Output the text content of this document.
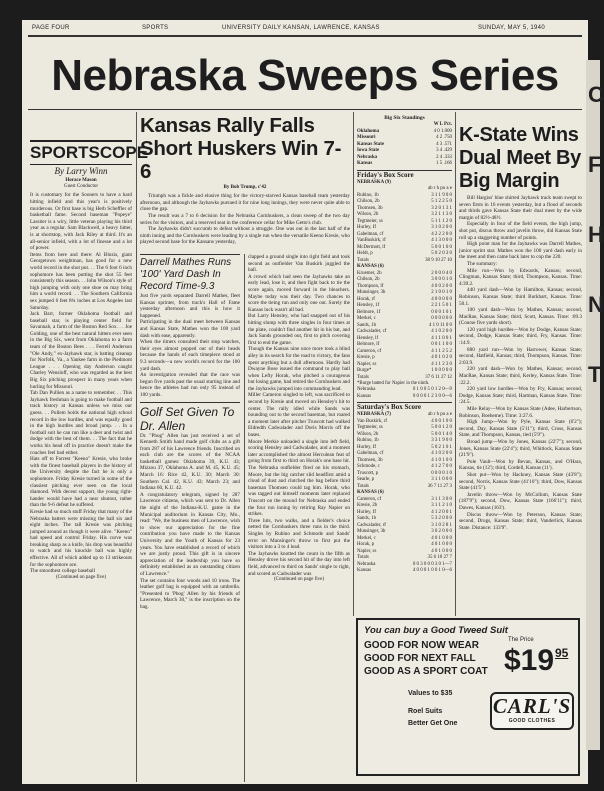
PAGE FOUR	SPORTS	UNIVERSITY DAILY KANSAN, LAWRENCE, KANSAS	SUNDAY, MAY 5, 1940
Nebraska Sweeps Series
SPORTSCOPE
By Larry Winn
Horace Mason
Guest Conductor

It is customary for the Sooners to have a hard hitting infield and this year's is positively murderous. Or first base is big Herb Scheffler of basketball fame. Second baseman "Popeye" Lassiter is a wiry, little veteran playing his third year as a regular. Sam Blackwell, a heavy hitter, is at shortstop, with Jack Riley at third. It's an all-senior infield, with a lot of finesse and a lot of power.

Items from here and there: Al Blozis, giant Georgetown weightman, has good for a new world record in the shot put. . . The 6 foot 6 inch sophomore has been putting the shot 55 feet consistently this season. . . John Wilson's style of high jumping with only one shoe on may bring him a world record. . . The Southern California sex jumped 6 feet 8¾ inches at Los Angeles last Saturday.

Jack Barr, former Oklahoma football and baseball star, is playing center field for Savannah, a farm of the Boston Red Sox. . . Joe Golding, one of the best natural hitters ever seen in the Big Six, went from Oklahoma to a farm team of the Boston Bees . . . Ferrell Anderson "Ole Andy," ex-Jayhawk star, is batting cleanup for Norfolk, Va., a Yankee farm in the Piedmont League . . . Opening day Anderson caught Charley Wensloff, who was regarded as the best Big Six pitching prospect in many years when hurling for Missouri.

Tab Dan Pullien as a name to remember. . . This Jayhawk freshman is going to make football and track history at Kansas unless we miss our guess. . . Pullem holds the national high school record in the low hurdles, and was equally good in the high hurdles and broad jump. . . In a football suit he can run like a deer and twist and dodge with the best of them. . . The fact that he works his head off in practice doesn't make the coaches feel bad either.

Hats off to Forrest "Keeno" Kresie, who broke with the finest baseball players in the history of the University despite the fact he is only a sophomore. Friday Kresie turned in some of the classiest pitching ever seen on the local diamond. With decent support, the young right-hander would have had a near shutout, rather than the 9-6 defeat he suffered.

Kresie had so much stuff Friday that many of the Nebraska batters were missing the ball six and eight inches. The tall Kresie was pitching jumped around as though it were alive. "Keeno" had speed and control Friday. His curve was breaking sharp as a knife, his drop was beautiful to watch and his knuckle ball was highly effective. All of which added up to 13 strikeouts for the sophomore ace.

The smoothest college baseball

(Continued on page five)
Kansas Rally Falls Short Huskers Win 7-6
By Bob Trump, c'42

Triumph was a fickle and elusive thing for the victory-starved Kansas baseball team yesterday afternoon, and although the Jayhawks pursued it for nine long innings, they were never quite able to close the gap.

The result was a 7 to 6 decision for the Nebraska Cornhuskers, a clean sweep of the two day series for the visitors, and a reserved seat in the conference cellar for Mike Getto's club.

The Jayhawks didn't succumb to defeat without a struggle. One was out in the last half of the ninth inning and the Cornhuskers were leading by a single run when the versatile Keeno Kresie, who played second base for the Kansans yesterday,

Darrell Mathes Runs '100' Yard Dash In Record Time-9.3

Just five yards separated Darrell Mathes, fleet Kansas sprinter, from track's Hall of Fame yesterday afternoon and this is how it happened.

Participating in the dual meet between Kansas and Kansas State, Mathes won the 100 yard dash with ease, apparently.

When the timers consulted their stop watches, their eyes almost popped out of their heads because the hands of each timepiece stood at 9.3 seconds—a new world's record for the 100 yard dash.

An investigation revealed that the race was begun five yards past the usual starting line and hence the athletes had run only 95 instead of 100 yards.

Golf Set Given To Dr. Allen

Dr. "Phog" Allen has just received a set of Kenneth Smith hand made golf clubs as a gift from 287 of his Lawrence friends. Inscribed on each club are the scores of the NCAA basketball games: Oklahoma 39, K.U. 43; Mizzou 37, Oklahoma A. and M. 45, K.U. 45; March 16: Rice 42, K.U. 30; March 30: Southern Cal. 42, K.U. 43; March 23; and Indiana 60, K.U. 42.

A congratulatory telegram, signed by 287 Lawrence citizens, which was sent to Dr. Allen the night of the Indiana-K.U. game in the Municipal auditorium in Kansas City, Mo., read: "We, the business men of Lawrence, wish to show our appreciation for the fine contribution you have made to the Kansas University and the Youth of Kansas for 23 years. You have established a record of which we are justly proud. This gift is in sincere appreciation of the leadership you have so definitely established as an outstanding citizen of Lawrence."

The set contains four woods and 10 irons. The leather golf bag is equipped with an umbrella. "Presented to 'Phog' Allen by his friends of Lawrence, March 30," is the inscription on the bag.

clapped a ground single into right field and took second as outfielder Van Buskirk juggled the ball.

A crowd which had seen the Jayhawks take an early lead, lose it, and then fight back to tie the score again, moved forward in the bleachers. Maybe today was their day. Two chances to score the tieing run and only one out. Surely the Kansas luck wasn't all bad.

But Larry Hensley, who had snapped out of his hitting slump with three singles in four times at the plate, couldn't find another hit in his bat, and Jack Sands grounded out, first to pitch covering first to end the game.

Though the Kansas nine once more took a blind alley in its search for the road to victory, the fans spent anything but a dull afternoon. Hardly had Dwayne Bose issued the command to play ball when Lefty Horak, who pitched a courageous but losing game, had retired the Cornhuskers and the Jayhawks jumped into commanding lead.

Miller Cameron singled to left, was sacrificed to second by Kresie and moved on Hensley's hit to center. The rally idled while Sands was bounding out to the second baseman, but roared a moment later after pitcher Truscott had walked Eldredth Cadwalader and Doris Morris off the bases.

Moore Merkie unloaded a single into left field, scoring Hensley and Cadwalader, and a moment later accomplished the almost Herculean feat of going from first to third on Horak's one base hit. The Nebraska outfielder fired on his stomach, Moore, but the big catcher slid headfirst amid a cloud of dust and clutched the bag before third baseman Thomsen could tag him. Horak, who was tagged out himself moments later replaced Truscott on the mound for Nebraska and ended the four run inning by retiring Ray Napier on strikes.

Three hits, two walks, and a fielder's choice netted the Cornhuskers three runs in the third. Singles by Rubino and Schmode and Sands' error on Mansinger's throw to first put the visitors into a 3 to 4 lead.

The Jayhawks knotted the count in the fifth as Hensley drove his second hit of the day into left field, advanced to third on Sands' single to right, and scored as Cadwalader was

(Continued on page five)
Big Six Standings
W L Pct.
Oklahoma	4 0 1.000
Missouri	4 2 .750
Kansas State	4 3 .571
Iowa State	3 4 .429
Nebraska	2 4 .333
Kansas	1 5 .166
Friday's Box Score
NEBRASKA (9)
ab r h po a e
Rubino, 1b	3 1 1 9 0 0
Chilson, 2b	5 1 2 2 5 0
Thomsen, 3b	3 2 0 1 3 1
Wilson, 2b	3 2 1 1 3 0
Tegtmeier, ss	5 1 1 1 2 0
Hurley, If	3 1 0 2 0 0
Gabelman, cf	4 2 2 2 0 0
VanBuskirk, rf	4 1 3 0 0 0
McDermott, lf	5 0 0 1 0 0
Heldt, p	5 0 2 0 3 0
Totals	38 9 10 27 10
KANSAS (6)
Kruemer, 2b	2 0 0 0 4 0
Chilson, 2b	3 0 0 0 1 0
Thompson, lf	4 0 0 2 0 0
Munsinger, 3b	2 1 0 0 1 0
Horak, rf	4 0 0 0 0 0
Hensley, 1f	2 2 1 5 0 1
Belmore, 1f	0 0 0 1 0 1
Merkel, c	0 0 0 0 0 0
Sands, 1b	4 1 0 11 0 0
Cadwalader, cf	4 1 0 2 0 0
Hensley, lf	4 1 1 0 0 1
Belmore, lf	0 0 1 1 0 0
Cameron, cf	4 1 1 2 5 2
Kresie, p	4 0 1 0 2 0
Napier, ss	4 1 1 2 3 0
Burge*	1 0 0 0 0 0
Totals	37 6 11 27 12
*Burge batted for Napier in the ninth.
Nebraska	0 1 0 0 5 0 1 2 0—9
Kansas	0 0 0 0 1 2 3 0 0—6
Saturday's Box Score
NEBRASKA (7)	ab r h po a e
Van Buskirk, rf	4 0 0 1 0 0
Tegtmeier, ss	5 0 0 1 2 0
Wilson, 2b	5 0 0 1 4 0
Rubino, 1b	3 3 1 9 0 0
Hurley, If	5 0 2 1 0 1
Gabelman, cf	4 1 0 2 0 0
Thomsen, 3b	4 1 0 1 0 0
Schmode, c	4 1 2 7 0 0
Truscott, p	0 0 0 0 1 0
Searle, p	3 1 1 0 0 0
Totals	36 7 11 27 3
KANSAS (6)
Cameron, cf	3 1 1 3 0 0
Kresie, 2b	3 1 1 2 1 0
Hurley, If	4 1 2 0 0 1
Sands, 1b	5 3 2 0 0 0
Cadwalader, rf	3 1 0 2 8 1
Munsinger, 3b	3 0 2 0 0 0
Merkel, c	4 0 1 0 0 0
Horak, p	4 0 1 0 0 0
Napier, ss	4 0 1 0 0 0
Totals	35 6 10 27 7
Nebraska	0 0 3 0 0 0 3 0 1—7
Kansas	4 0 0 0 1 0 0 1 0—6
K-State Wins Dual Meet By Big Margin

Bill Hargiss' blue shirted Jayhawk track team swept to seven firsts in 16 events yesterday, but a flood of seconds and thirds gave Kansas State their dual meet by the wide margin of 82½-48½.

Especially in four of the field events, the high jump, shot put, discus throw and javelin throw, did Kansas State roll up a staggering number of points.

High point man for the Jayhawks was Darrell Mathes, junior sprint star. Mathes won the 100 yard dash early in the meet and then came back later to cop the 220.

The summary:

Mile run—Won by Edwards, Kansas; second, Clingman, Kansas State; third, Thompson, Kansas. Time: 4:39.2.

440 yard dash—Won by Hamilton, Kansas; second, Robinson, Kansas State; third Burkhart, Kansas. Time: 50.1.

100 yard dash—Won by Mathes, Kansas; second, MacRae, Kansas State; third, Scott, Kansas. Time: :09.3 (Course five yards short).

120 yard high hurdles—Won by Dodge, Kansas State; second, Dodge, Kansas State; third, Fry, Kansas. Time: :14.9.

880 yard run—Won by Harrower, Kansas State; second, Hatfield, Kansas; third, Thompson, Kansas. Time: 2:03.9.

220 yard dash—Won by Mathes, Kansas; second, MacRae, Kansas State; third, Kerley, Kansas State. Time: :22.2.

220 yard low hurdles—Won by Fry, Kansas; second, Dodge, Kansas State; third, Hartman, Kansas State. Time: :24.5.

Mile Relay—Won by Kansas State (Adee, Harbertson, Robinson, Boeheme). Time: 3:27.6.

High Jump—Won by Pyle, Kansas State (6'2"); second, Day, Kansas State (5'11"); third, Cross, Kansas State, and Thompson, Kansas, tied (5'9").

Broad jump—Won by Jones, Kansas (22'7"); second, Jones, Kansas State (22'4"); third, Whitlock, Kansas State (21'9").

Pole Vault—Won by Bevan, Kansas, and O'Hara, Kansas, tie (12'); third, Cordell, Kansas (11').

Shot put—Won by Hackney, Kansas State (43'8"); second, Norris, Kansas State (41'10"); third, Dow, Kansas State (41'5").

Javelin throw—Won by McCollum, Kansas State (187'9"); second, Dow, Kansas State (166'11"); third, Dawes, Kansas (163').

Discus throw—Won by Peterson, Kansas State; second, Drugs, Kansas State; third, Vanderlick, Kansas State. Distance: 133'9".

You can buy a Good Tweed Suit
GOOD FOR NOW WEAR
GOOD FOR NEXT FALL
GOOD AS A SPORT COAT
The Price
$19 95
Values to $35
Roel Suits
Better Get One
CARL'S
GOOD CLOTHES
C
F
H
N
T
